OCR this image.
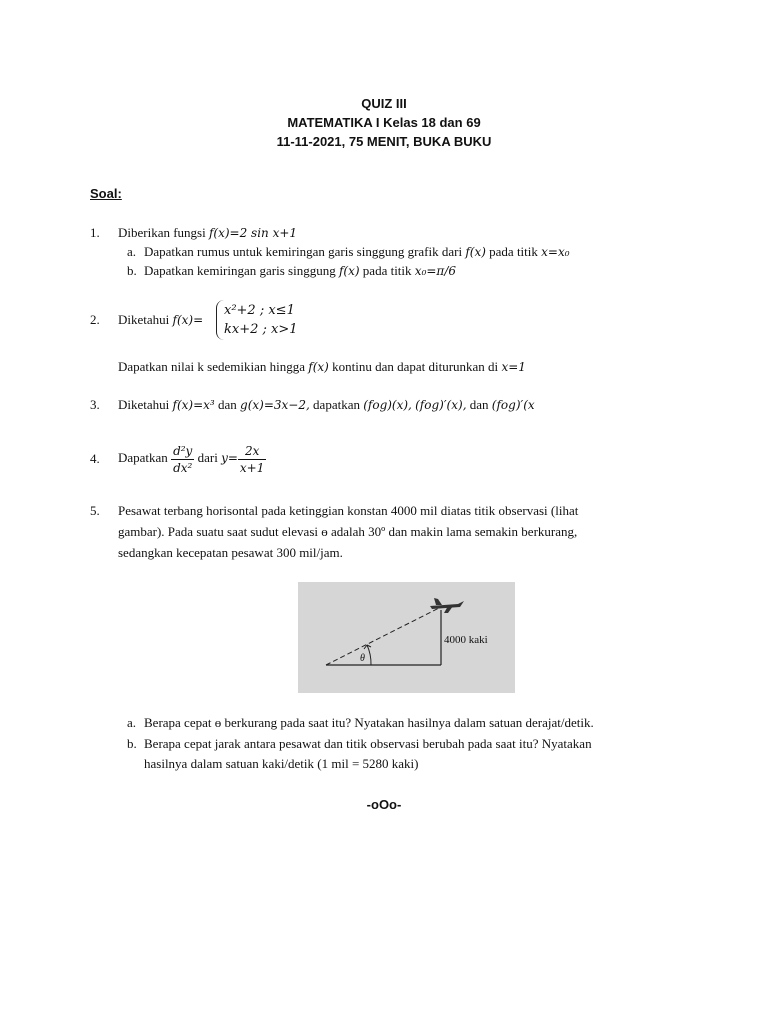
QUIZ III
MATEMATIKA I Kelas 18 dan 69
11-11-2021, 75 MENIT, BUKA BUKU
Soal:
1. Diberikan fungsi f(x)=2 sin x+1
a. Dapatkan rumus untuk kemiringan garis singgung grafik dari f(x) pada titik x=x₀
b. Dapatkan kemiringan garis singgung f(x) pada titik x₀=π/6
2. Diketahui f(x)=
x²+2 ; x≤1
kx+2 ; x>1
Dapatkan nilai k sedemikian hingga f(x) kontinu dan dapat diturunkan di x=1
3. Diketahui f(x)=x³ dan g(x)=3x−2, dapatkan (fog)(x), (fog)′(x), dan (fog)′(x
4. Dapatkan $\frac{\text{d²y}}{\text{dx²}}$ dari $y= \frac{2x}{x+1}$
5. Pesawat terbang horisontal pada ketinggian konstan 4000 mil diatas titik observasi (lihat
gambar). Pada suatu saat sudut elevasi ɵ adalah 30º dan makin lama semakin berkurang,
sedangkan kecepatan pesawat 300 mil/jam.
4000 kaki
θ
a. Berapa cepat ɵ berkurang pada saat itu? Nyatakan hasilnya dalam satuan derajat/detik.
b. Berapa cepat jarak antara pesawat dan titik observasi berubah pada saat itu? Nyatakan
hasilnya dalam satuan kaki/detik (1 mil = 5280 kaki)
-oOo-
